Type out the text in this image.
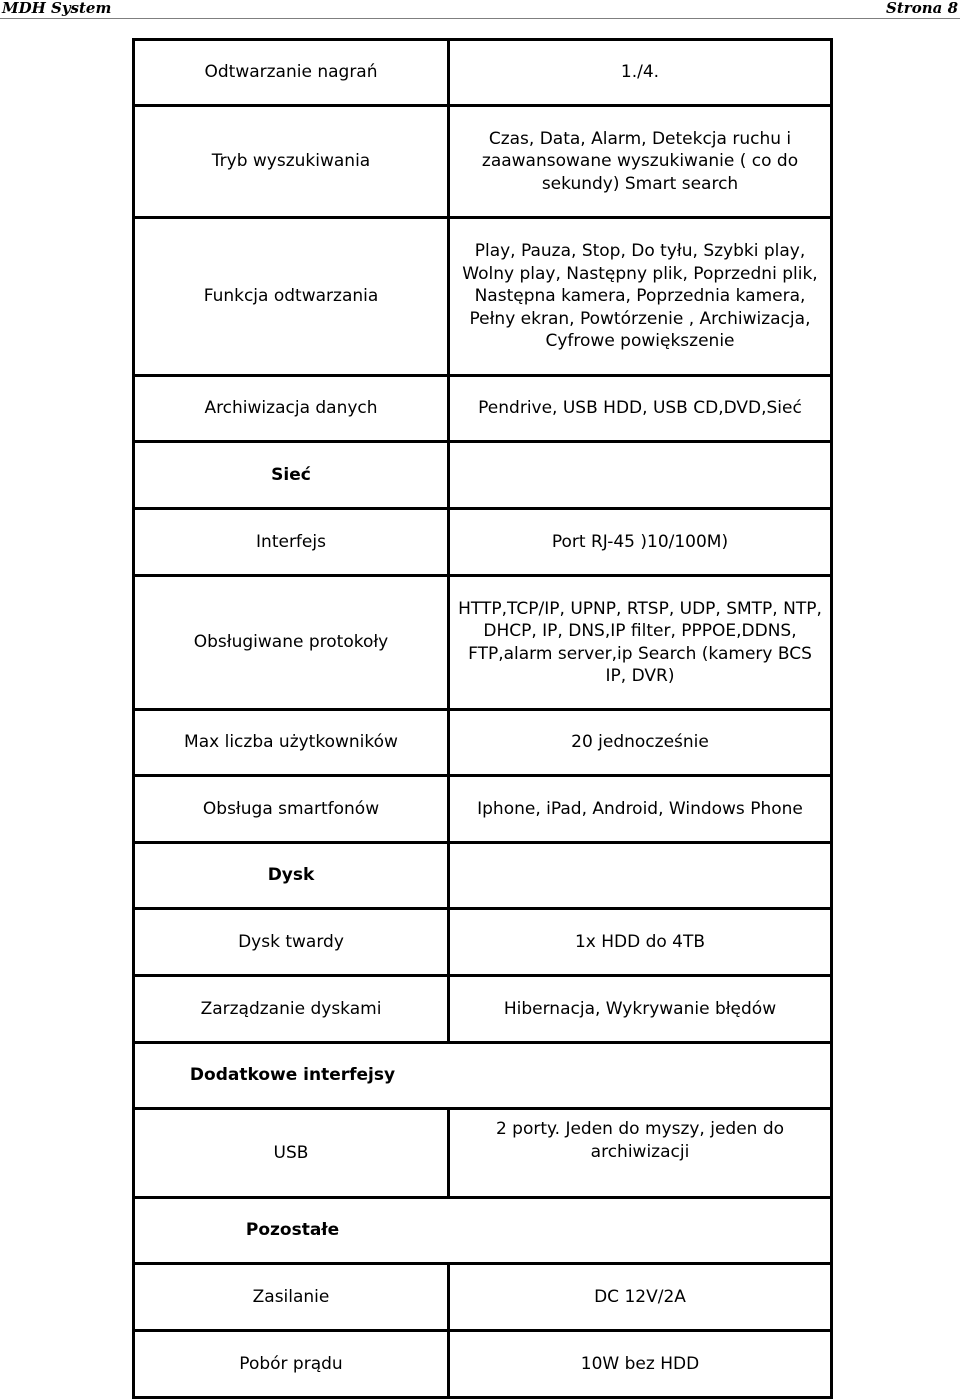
MDH System	Strona 8
Odtwarzanie nagrań	1./4.
Tryb wyszukiwania	Czas, Data, Alarm, Detekcja ruchu i zaawansowane wyszukiwanie ( co do sekundy) Smart search
Funkcja odtwarzania	Play, Pauza, Stop, Do tyłu, Szybki play, Wolny play, Następny plik, Poprzedni plik, Następna kamera, Poprzednia kamera, Pełny ekran, Powtórzenie , Archiwizacja, Cyfrowe powiększenie
Archiwizacja danych	Pendrive, USB HDD, USB CD,DVD,Sieć
Sieć	
Interfejs	Port RJ-45 )10/100M)
Obsługiwane protokoły	HTTP,TCP/IP, UPNP, RTSP, UDP, SMTP, NTP, DHCP, IP, DNS,IP filter, PPPOE,DDNS, FTP,alarm server,ip Search (kamery BCS IP, DVR)
Max liczba użytkowników	20 jednocześnie
Obsługa smartfonów	Iphone, iPad, Android, Windows Phone
Dysk	
Dysk twardy	1x HDD do 4TB
Zarządzanie dyskami	Hibernacja, Wykrywanie błędów

Dodatkowe interfejsy	

USB	2 porty. Jeden do myszy, jeden do archiwizacji

Pozostałe	

Zasilanie	DC 12V/2A
Pobór prądu	10W bez HDD
